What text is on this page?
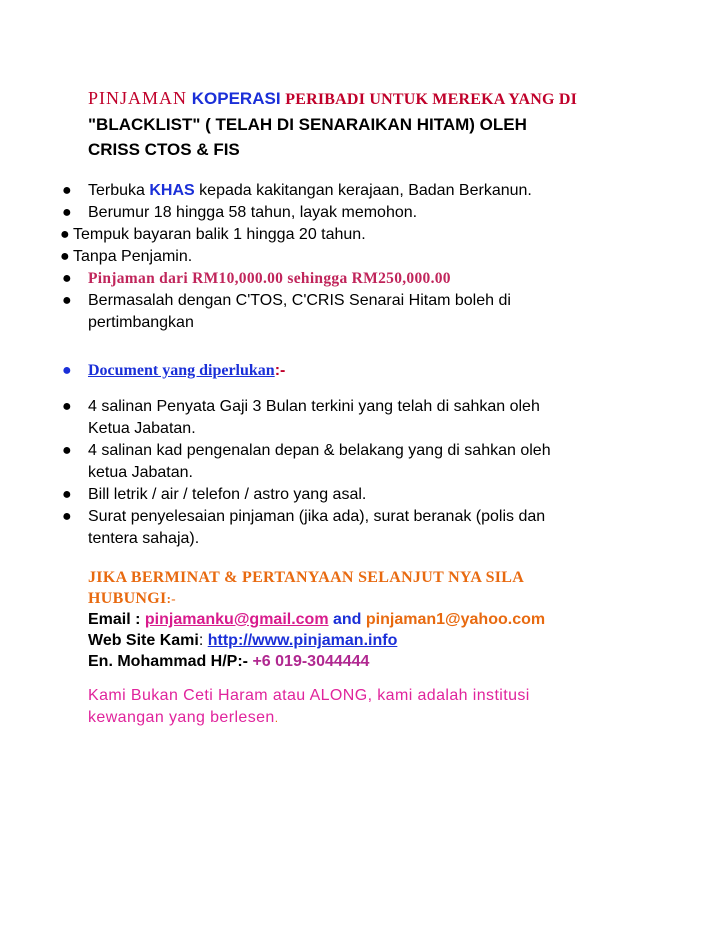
PINJAMAN KOPERASI PERIBADI UNTUK MEREKA YANG DI
"BLACKLIST" ( TELAH DI SENARAIKAN HITAM) OLEH
CRISS CTOS & FIS
● Terbuka KHAS kepada kakitangan kerajaan, Badan Berkanun.
● Berumur 18 hingga 58 tahun, layak memohon.
● Tempuk bayaran balik 1 hingga 20 tahun.
● Tanpa Penjamin.
● Pinjaman dari RM10,000.00 sehingga RM250,000.00
● Bermasalah dengan C'TOS, C'CRIS Senarai Hitam boleh di
pertimbangkan
● Document yang diperlukan:-
● 4 salinan Penyata Gaji 3 Bulan terkini yang telah di sahkan oleh
Ketua Jabatan.
● 4 salinan kad pengenalan depan & belakang yang di sahkan oleh
ketua Jabatan.
● Bill letrik / air / telefon / astro yang asal.
● Surat penyelesaian pinjaman (jika ada), surat beranak (polis dan
tentera sahaja).
JIKA BERMINAT & PERTANYAAN SELANJUT NYA SILA
HUBUNGI:-
Email : pinjamanku@gmail.com and pinjaman1@yahoo.com
Web Site Kami: http://www.pinjaman.info
En. Mohammad H/P:- +6 019-3044444
Kami Bukan Ceti Haram atau ALONG, kami adalah institusi
kewangan yang berlesen.
